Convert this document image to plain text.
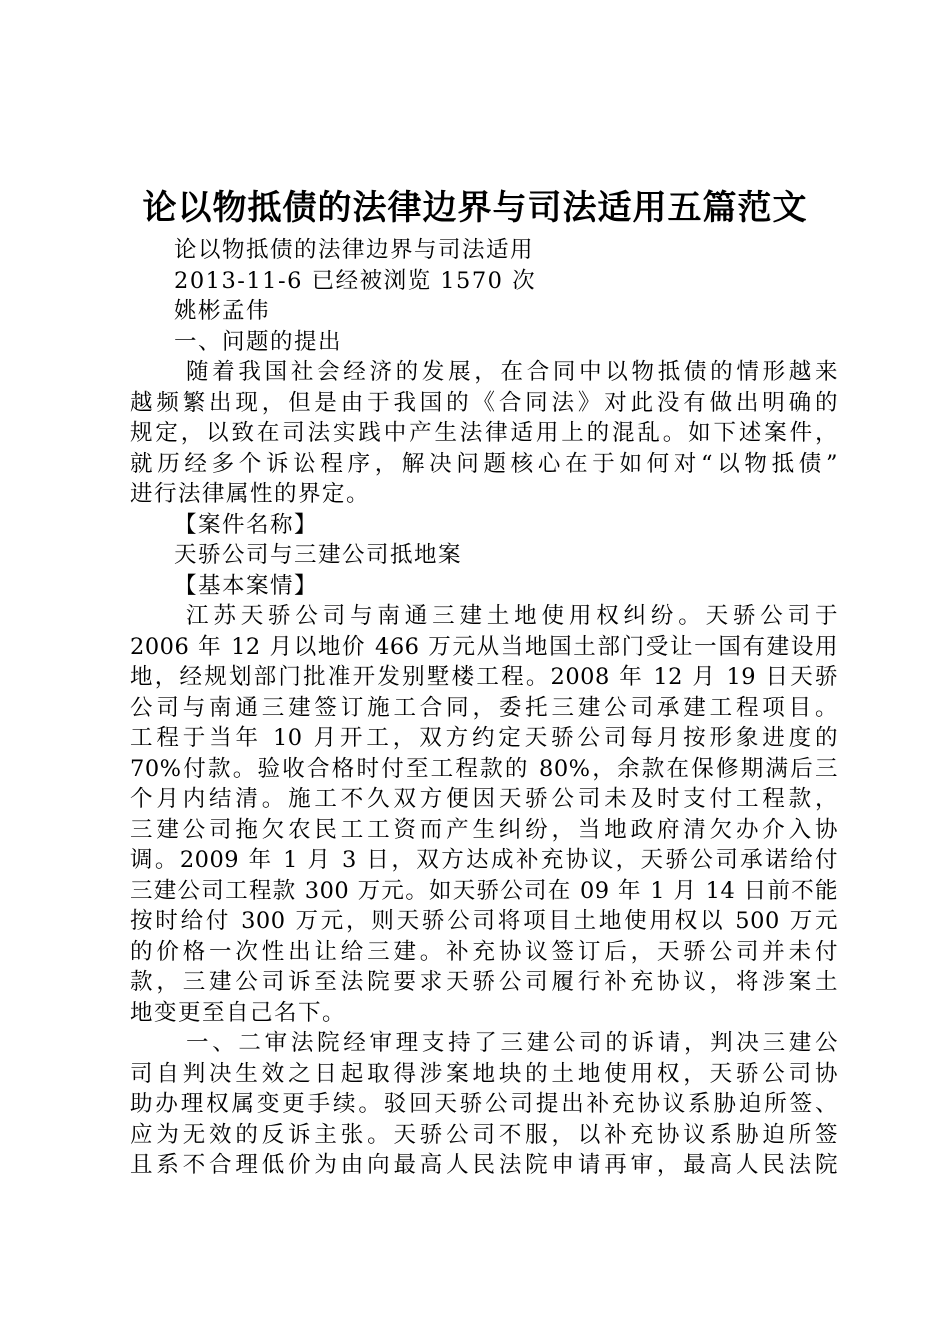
论以物抵债的法律边界与司法适用五篇范文
论以物抵债的法律边界与司法适用
2013-11-6 已经被浏览 1570 次
姚彬孟伟
一、问题的提出
随着我国社会经济的发展，在合同中以物抵债的情形越来
越频繁出现，但是由于我国的《合同法》对此没有做出明确的
规定，以致在司法实践中产生法律适用上的混乱。如下述案件，
就历经多个诉讼程序，解决问题核心在于如何对“以物抵债”
进行法律属性的界定。
【案件名称】
天骄公司与三建公司抵地案
【基本案情】
江苏天骄公司与南通三建土地使用权纠纷。天骄公司于
2006 年 12 月以地价 466 万元从当地国土部门受让一国有建设用
地，经规划部门批准开发别墅楼工程。2008 年 12 月 19 日天骄
公司与南通三建签订施工合同，委托三建公司承建工程项目。
工程于当年 10 月开工，双方约定天骄公司每月按形象进度的
70%付款。验收合格时付至工程款的 80%，余款在保修期满后三
个月内结清。施工不久双方便因天骄公司未及时支付工程款，
三建公司拖欠农民工工资而产生纠纷，当地政府清欠办介入协
调。2009 年 1 月 3 日，双方达成补充协议，天骄公司承诺给付
三建公司工程款 300 万元。如天骄公司在 09 年 1 月 14 日前不能
按时给付 300 万元，则天骄公司将项目土地使用权以 500 万元
的价格一次性出让给三建。补充协议签订后，天骄公司并未付
款，三建公司诉至法院要求天骄公司履行补充协议，将涉案土
地变更至自己名下。
一、二审法院经审理支持了三建公司的诉请，判决三建公
司自判决生效之日起取得涉案地块的土地使用权，天骄公司协
助办理权属变更手续。驳回天骄公司提出补充协议系胁迫所签、
应为无效的反诉主张。天骄公司不服，以补充协议系胁迫所签
且系不合理低价为由向最高人民法院申请再审，最高人民法院
